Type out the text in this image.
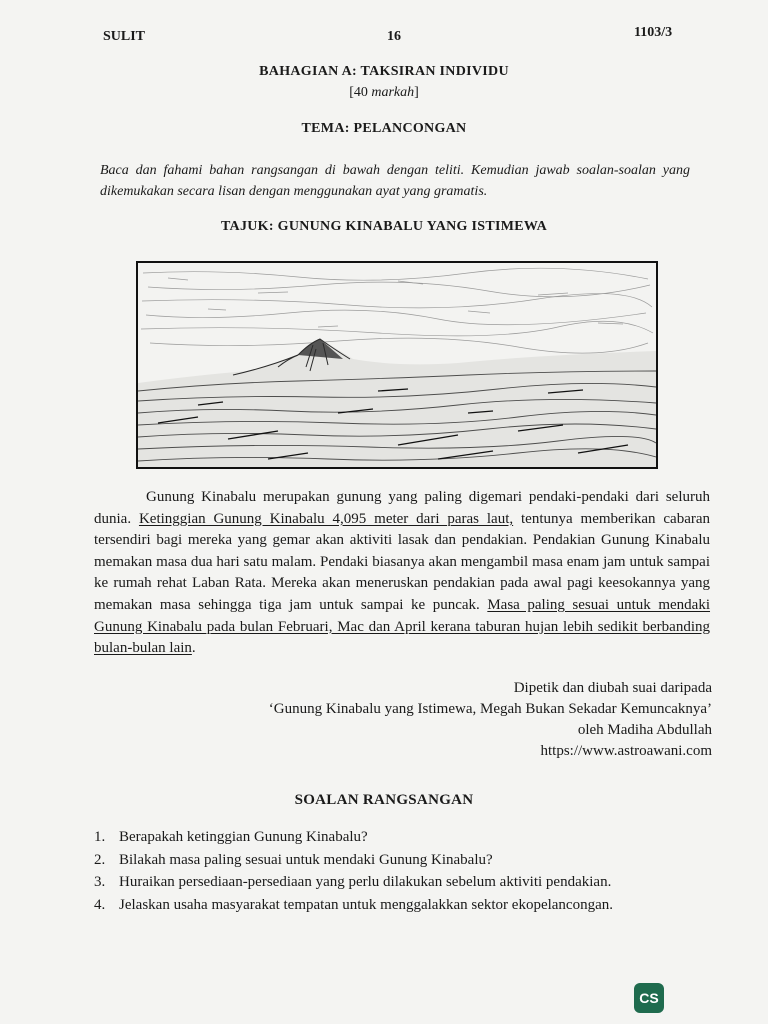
SULIT	16	1103/3
BAHAGIAN A: TAKSIRAN INDIVIDU
[40 markah]
TEMA: PELANCONGAN
Baca dan fahami bahan rangsangan di bawah dengan teliti. Kemudian jawab soalan-soalan yang dikemukakan secara lisan dengan menggunakan ayat yang gramatis.
TAJUK: GUNUNG KINABALU YANG ISTIMEWA
Gunung Kinabalu merupakan gunung yang paling digemari pendaki-pendaki dari seluruh dunia. Ketinggian Gunung Kinabalu 4,095 meter dari paras laut, tentunya memberikan cabaran tersendiri bagi mereka yang gemar akan aktiviti lasak dan pendakian. Pendakian Gunung Kinabalu memakan masa dua hari satu malam. Pendaki biasanya akan mengambil masa enam jam untuk sampai ke rumah rehat Laban Rata. Mereka akan meneruskan pendakian pada awal pagi keesokannya yang memakan masa sehingga tiga jam untuk sampai ke puncak. Masa paling sesuai untuk mendaki Gunung Kinabalu pada bulan Februari, Mac dan April kerana taburan hujan lebih sedikit berbanding bulan-bulan lain.
Dipetik dan diubah suai daripada
‘Gunung Kinabalu yang Istimewa, Megah Bukan Sekadar Kemuncaknya’
oleh Madiha Abdullah
https://www.astroawani.com
SOALAN RANGSANGAN
1. Berapakah ketinggian Gunung Kinabalu?
2. Bilakah masa paling sesuai untuk mendaki Gunung Kinabalu?
3. Huraikan persediaan-persediaan yang perlu dilakukan sebelum aktiviti pendakian.
4. Jelaskan usaha masyarakat tempatan untuk menggalakkan sektor ekopelancongan.
CS
